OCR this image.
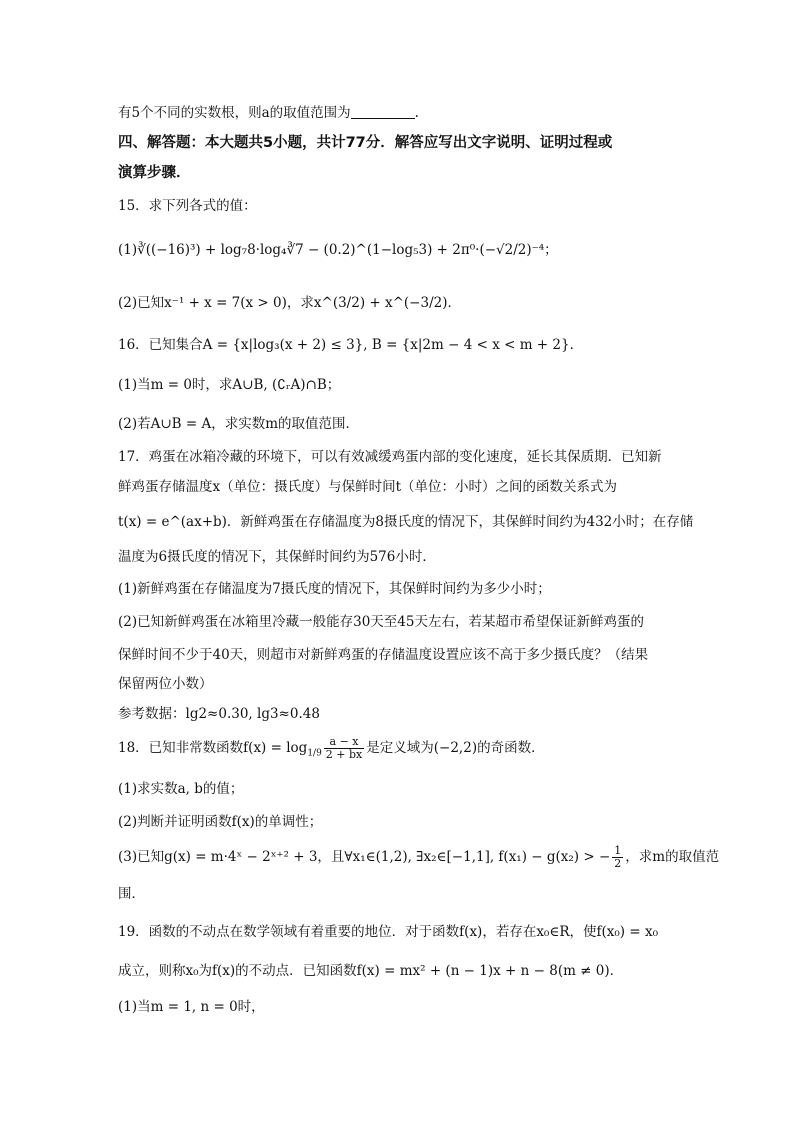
有5个不同的实数根，则a的取值范围为	.
四、解答题：本大题共5小题，共计77分．解答应写出文字说明、证明过程或
演算步骤．
15．求下列各式的值：
(1)∛((−16)³) + log₇8·log₄∛7 − (0.2)^(1−log₅3) + 2π⁰·(−√2/2)⁻⁴；
(2)已知x⁻¹ + x = 7(x > 0)，求x^(3/2) + x^(−3/2)．
16．已知集合A = {x|log₃(x + 2) ≤ 3}, B = {x|2m − 4 < x < m + 2}．
(1)当m = 0时，求A∪B, (∁ᵣA)∩B；
(2)若A∪B = A，求实数m的取值范围．
17．鸡蛋在冰箱冷藏的环境下，可以有效减缓鸡蛋内部的变化速度，延长其保质期．已知新
鲜鸡蛋存储温度x（单位：摄氏度）与保鲜时间t（单位：小时）之间的函数关系式为
t(x) = e^(ax+b)．新鲜鸡蛋在存储温度为8摄氏度的情况下，其保鲜时间约为432小时；在存储
温度为6摄氏度的情况下，其保鲜时间约为576小时．
(1)新鲜鸡蛋在存储温度为7摄氏度的情况下，其保鲜时间约为多少小时；
(2)已知新鲜鸡蛋在冰箱里冷藏一般能存30天至45天左右，若某超市希望保证新鲜鸡蛋的
保鲜时间不少于40天，则超市对新鲜鸡蛋的存储温度设置应该不高于多少摄氏度？（结果
保留两位小数）
参考数据：lg2≈0.30, lg3≈0.48
18．已知非常数函数$f(x) = \log_{1/9} \frac{a - x}{2 + bx}$ 是定义域为(−2,2)的奇函数．
(1)求实数a, b的值；
(2)判断并证明函数f(x)的单调性；
(3)已知g(x) = m·4ˣ − 2ˣ⁺² + 3，且∀x₁∈(1,2), ∃x₂∈[−1,1], f(x₁) − g(x₂) > − $\frac{1}{2}$ ，求m的取值范
围．
19．函数的不动点在数学领域有着重要的地位．对于函数f(x)，若存在x₀∈R，使f(x₀) = x₀
成立，则称x₀为f(x)的不动点．已知函数f(x) = mx² + (n − 1)x + n − 8(m ≠ 0)．
(1)当m = 1, n = 0时，
